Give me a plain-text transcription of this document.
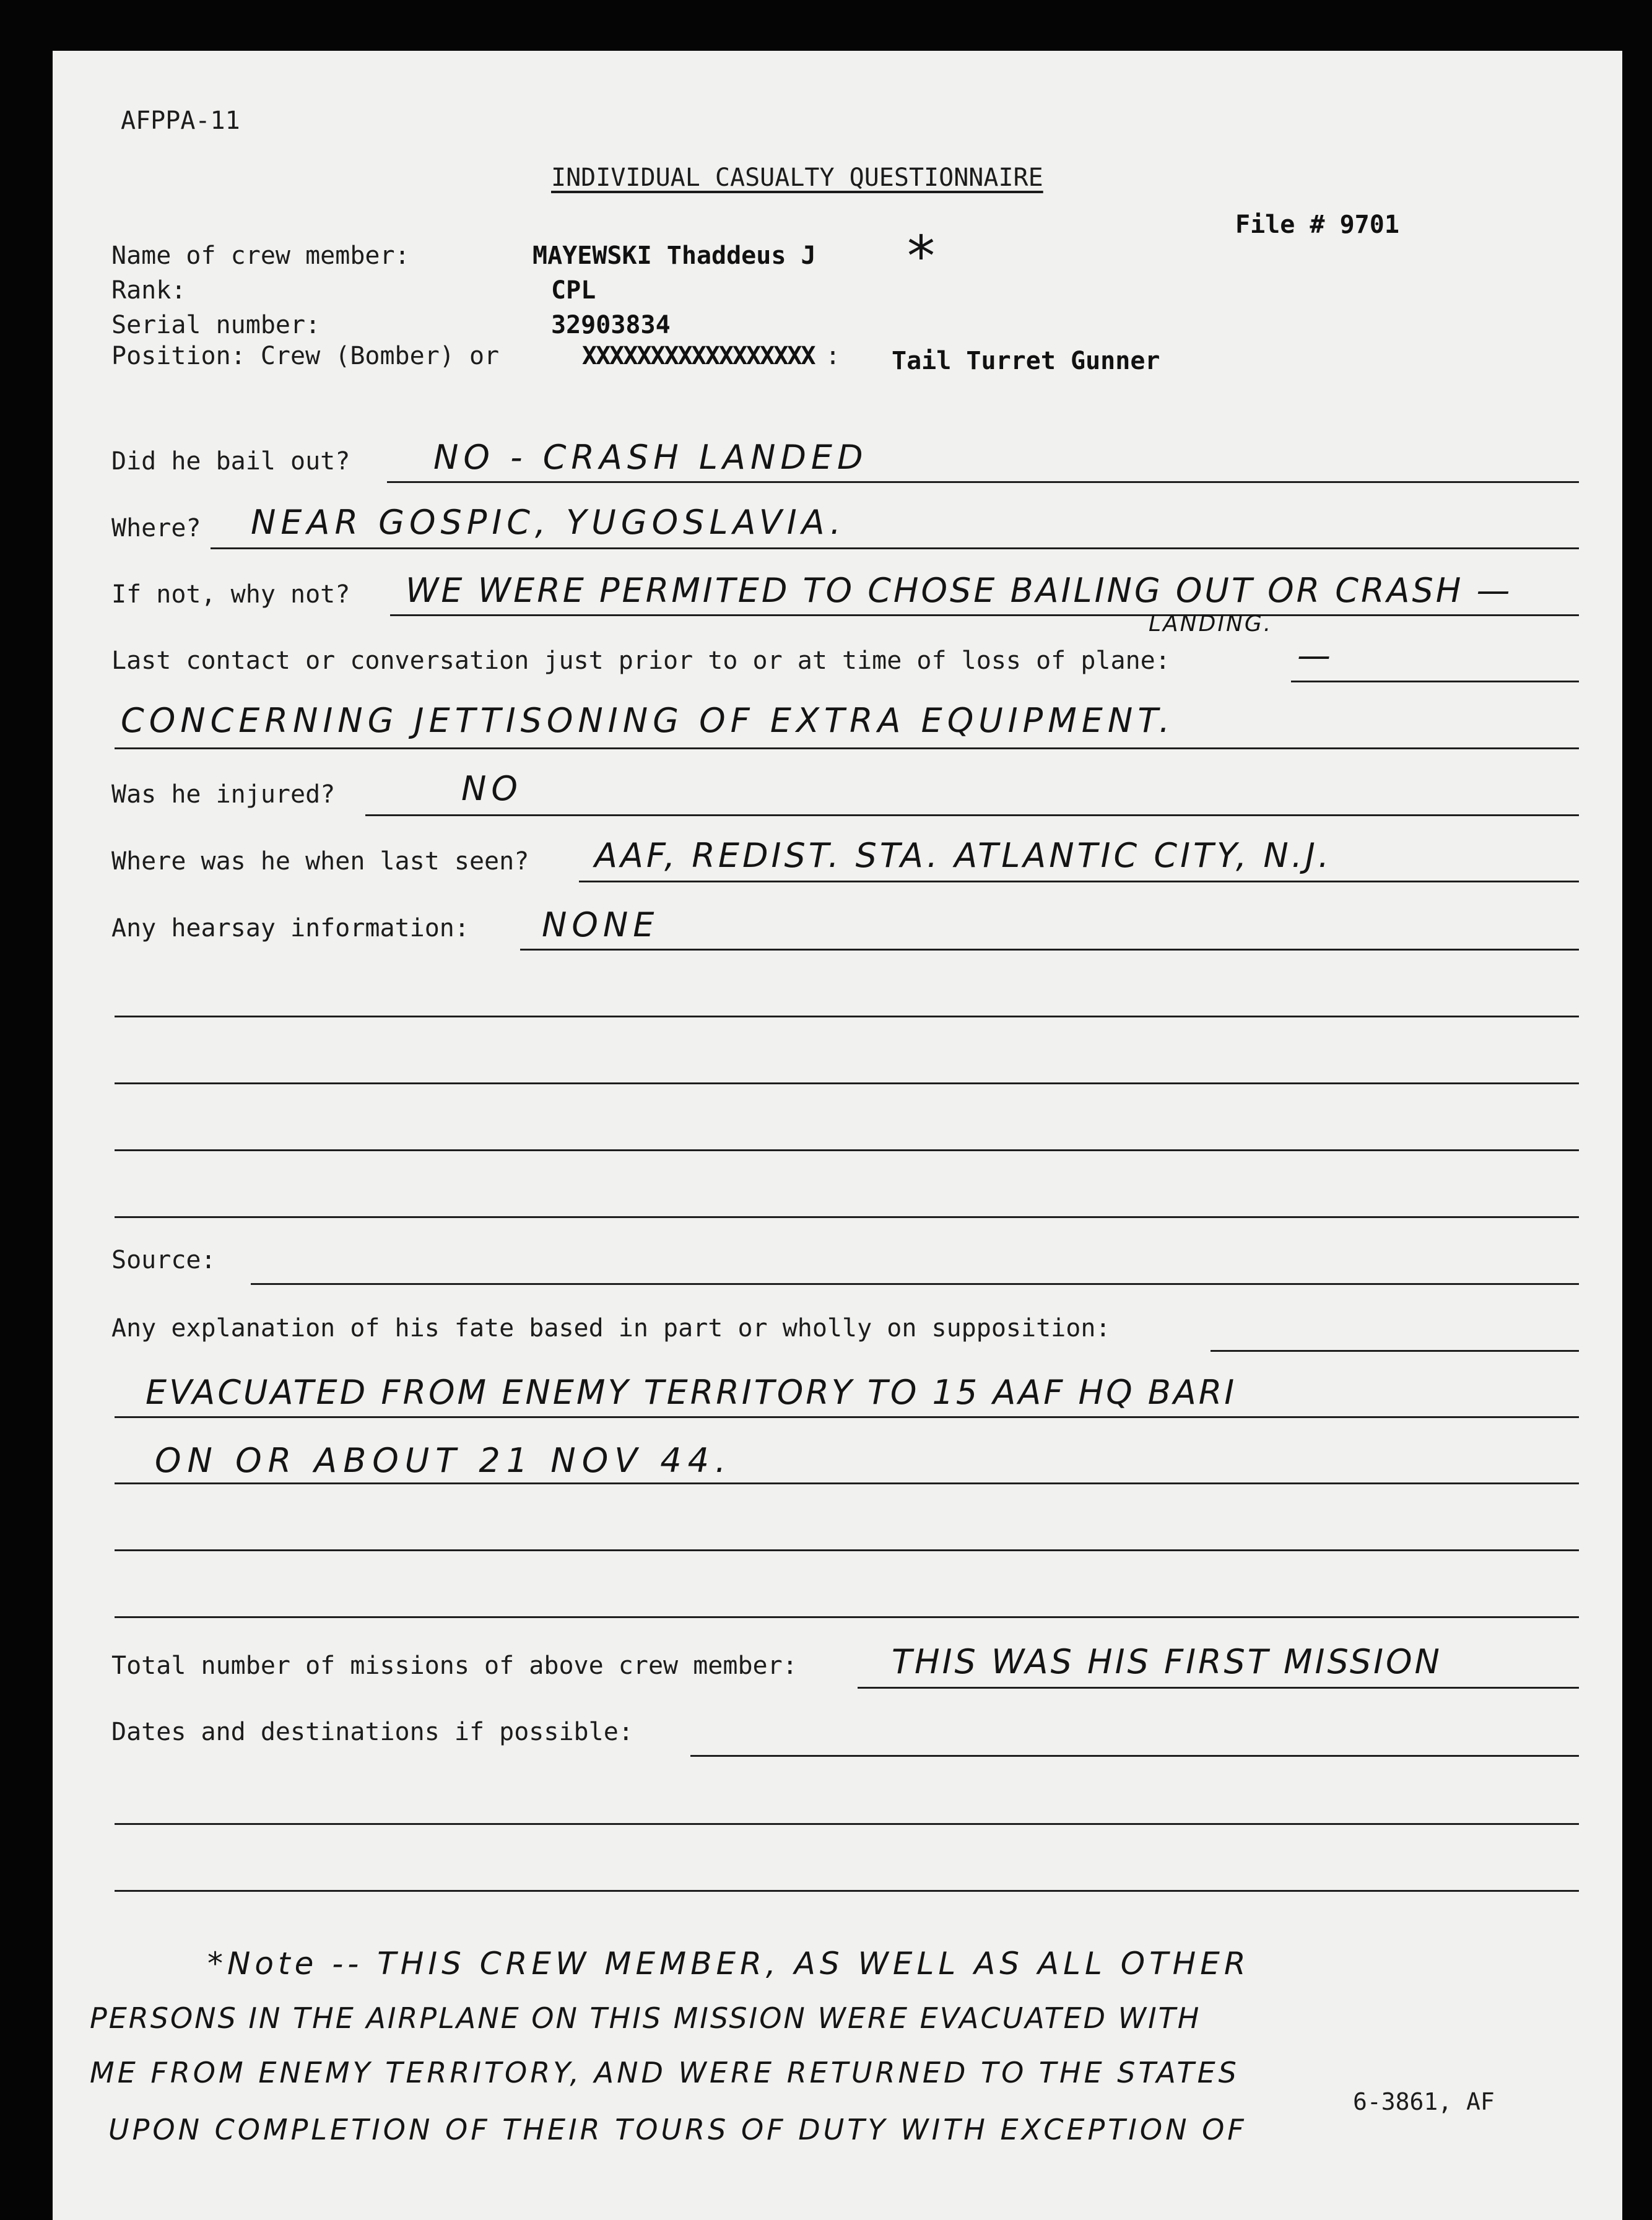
AFPPA-11
INDIVIDUAL CASUALTY QUESTIONNAIRE
File # 9701
Name of crew member:	MAYEWSKI Thaddeus J *
Rank:	CPL
Serial number:	32903834
Position: Crew (Bomber) or	XXXXXXXXXXXXXXXXX : Tail Turret Gunner
Did he bail out? NO - CRASH LANDED
Where? NEAR GOSPIC, YUGOSLAVIA.
If not, why not? WE WERE PERMITED TO CHOSE BAILING OUT OR CRASH —
LANDING.
Last contact or conversation just prior to or at time of loss of plane:	—
CONCERNING JETTISONING OF EXTRA EQUIPMENT.
Was he injured?	NO
Where was he when last seen? AAF, REDIST. STA. ATLANTIC CITY, N.J.
Any hearsay information: NONE
Source:
Any explanation of his fate based in part or wholly on supposition:
EVACUATED FROM ENEMY TERRITORY TO 15 AAF HQ BARI
ON OR ABOUT 21 NOV 44.
Total number of missions of above crew member:	THIS WAS HIS FIRST MISSION
Dates and destinations if possible:
*Note -- THIS CREW MEMBER, AS WELL AS ALL OTHER
PERSONS IN THE AIRPLANE ON THIS MISSION WERE EVACUATED WITH
ME FROM ENEMY TERRITORY, AND WERE RETURNED TO THE STATES
6-3861, AF
UPON COMPLETION OF THEIR TOURS OF DUTY WITH EXCEPTION OF
